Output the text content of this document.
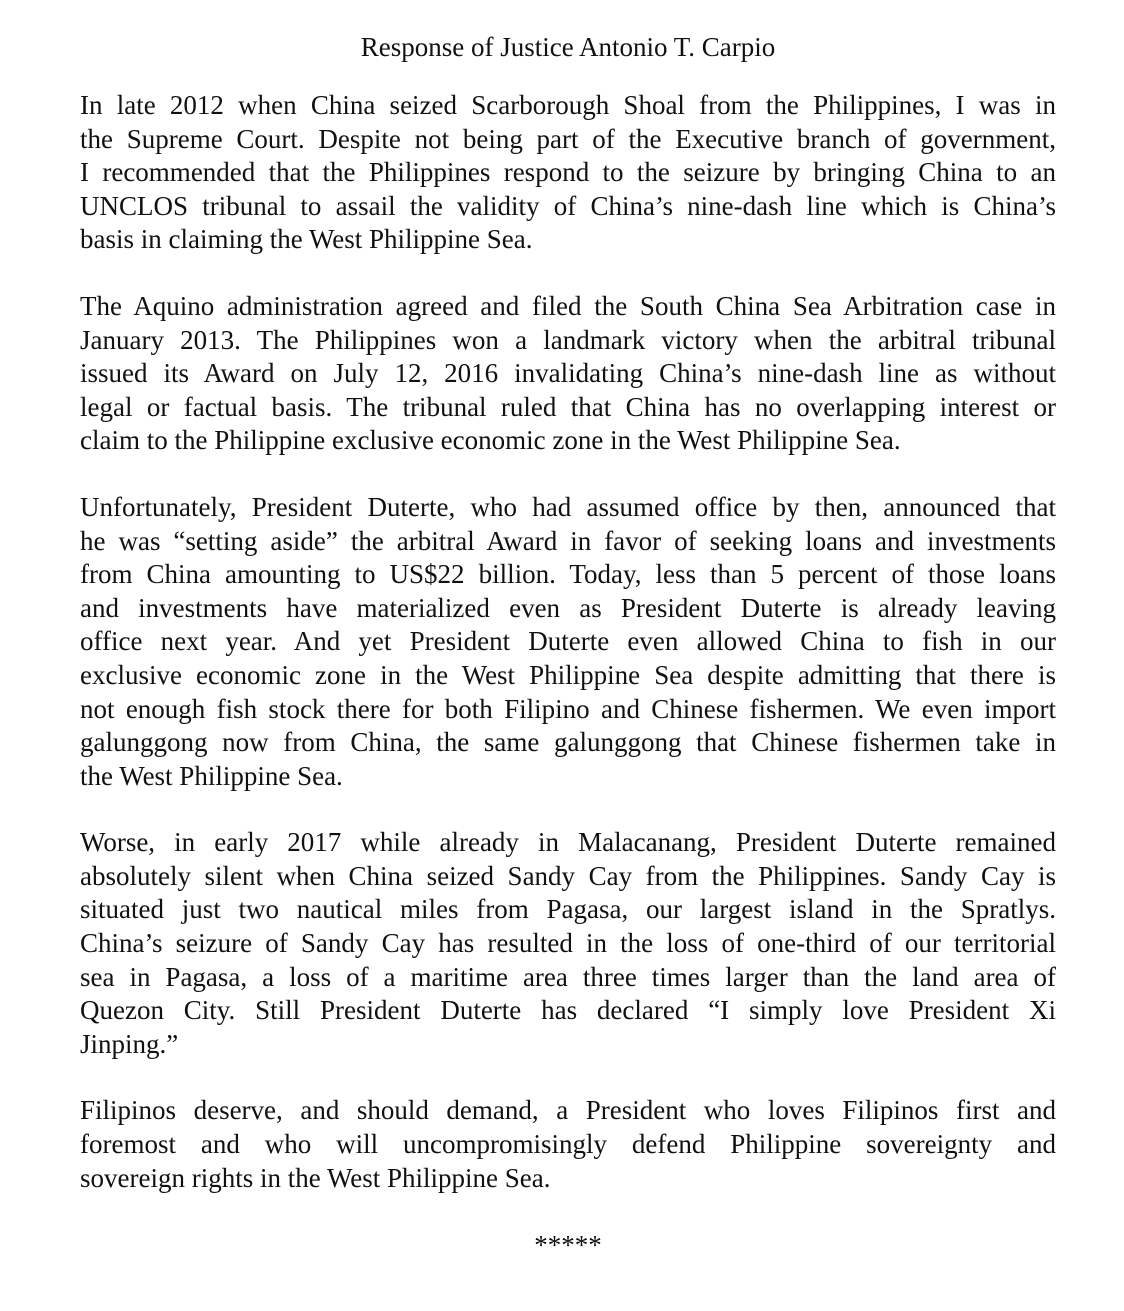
Response of Justice Antonio T. Carpio
In late 2012 when China seized Scarborough Shoal from the Philippines, I was in
the Supreme Court. Despite not being part of the Executive branch of government,
I recommended that the Philippines respond to the seizure by bringing China to an
UNCLOS tribunal to assail the validity of China’s nine-dash line which is China’s
basis in claiming the West Philippine Sea.
The Aquino administration agreed and filed the South China Sea Arbitration case in
January 2013. The Philippines won a landmark victory when the arbitral tribunal
issued its Award on July 12, 2016 invalidating China’s nine-dash line as without
legal or factual basis. The tribunal ruled that China has no overlapping interest or
claim to the Philippine exclusive economic zone in the West Philippine Sea.
Unfortunately, President Duterte, who had assumed office by then, announced that
he was “setting aside” the arbitral Award in favor of seeking loans and investments
from China amounting to US$22 billion. Today, less than 5 percent of those loans
and investments have materialized even as President Duterte is already leaving
office next year. And yet President Duterte even allowed China to fish in our
exclusive economic zone in the West Philippine Sea despite admitting that there is
not enough fish stock there for both Filipino and Chinese fishermen. We even import
galunggong now from China, the same galunggong that Chinese fishermen take in
the West Philippine Sea.
Worse, in early 2017 while already in Malacanang, President Duterte remained
absolutely silent when China seized Sandy Cay from the Philippines. Sandy Cay is
situated just two nautical miles from Pagasa, our largest island in the Spratlys.
China’s seizure of Sandy Cay has resulted in the loss of one-third of our territorial
sea in Pagasa, a loss of a maritime area three times larger than the land area of
Quezon City. Still President Duterte has declared “I simply love President Xi
Jinping.”
Filipinos deserve, and should demand, a President who loves Filipinos first and
foremost and who will uncompromisingly defend Philippine sovereignty and
sovereign rights in the West Philippine Sea.
*****
